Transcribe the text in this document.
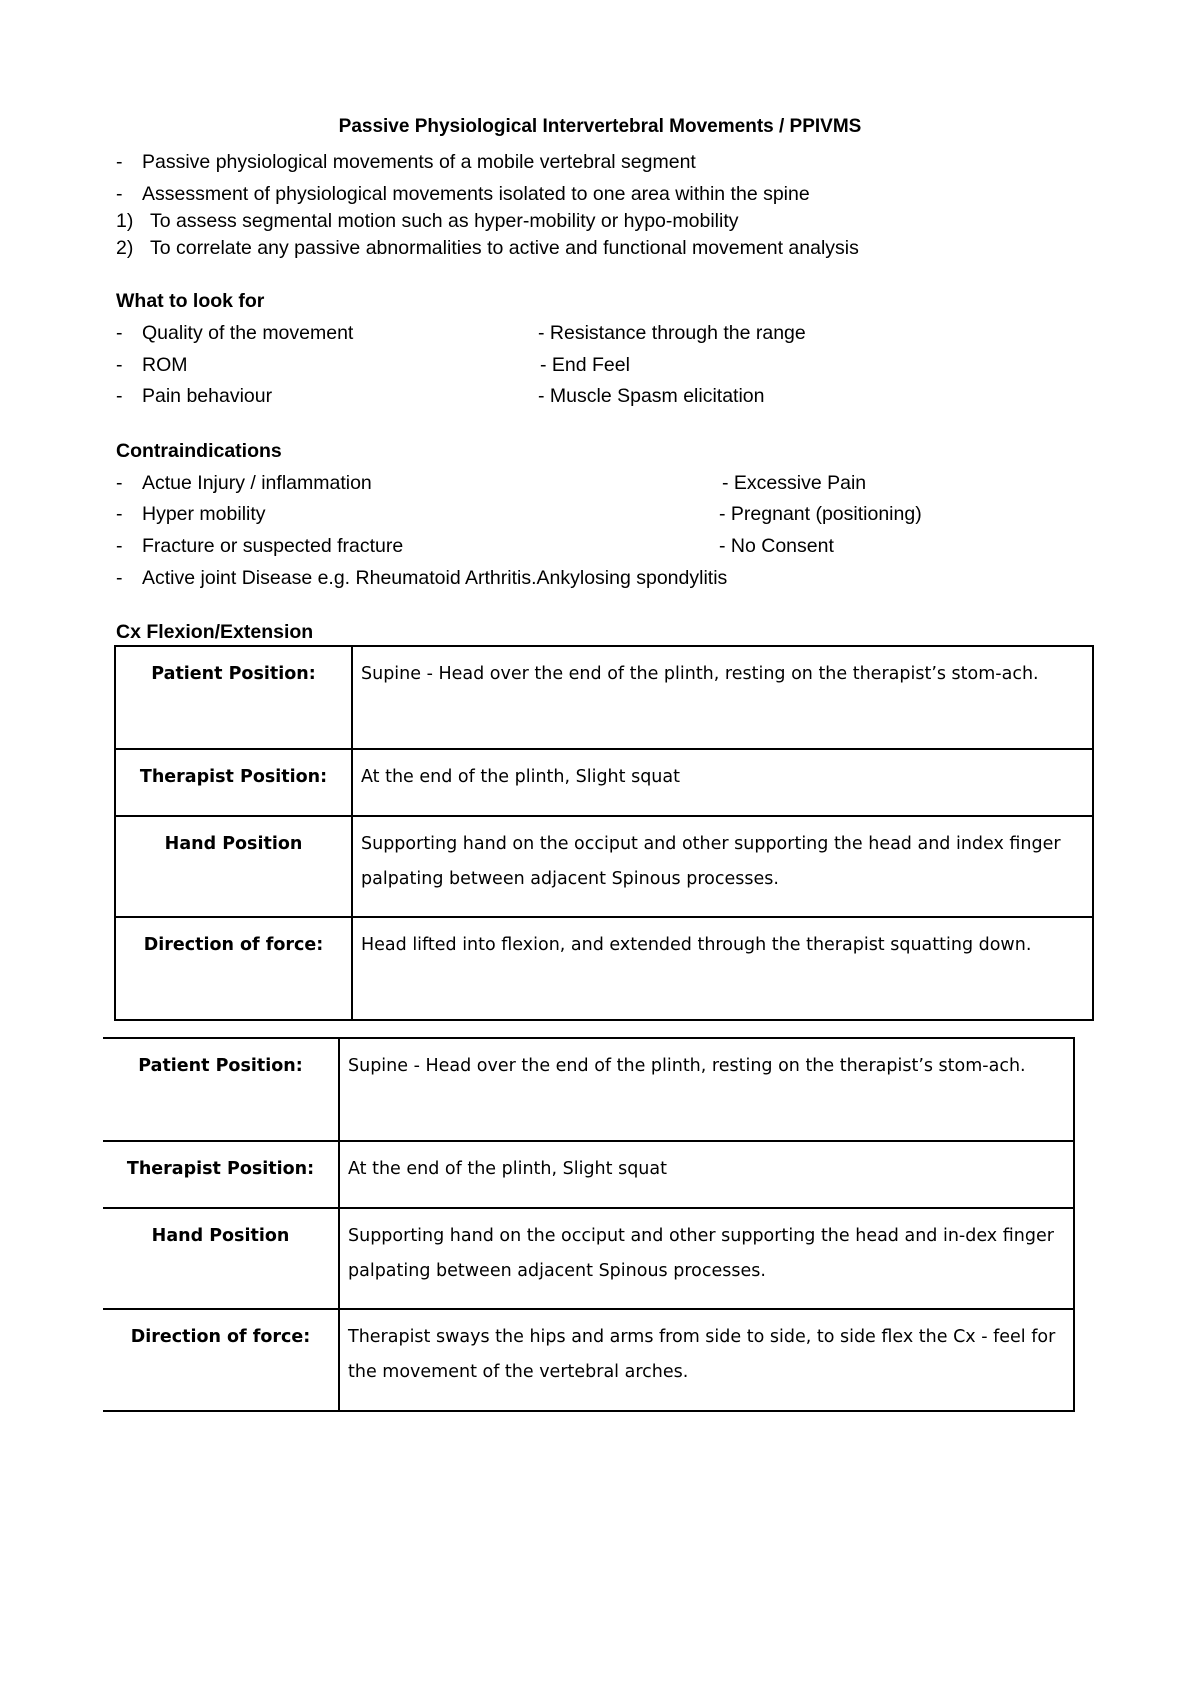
Passive Physiological Intervertebral Movements / PPIVMS
- Passive physiological movements of a mobile vertebral segment
- Assessment of physiological movements isolated to one area within the spine
1) To assess segmental motion such as hyper-mobility or hypo-mobility
2) To correlate any passive abnormalities to active and functional movement analysis
What to look for
- Quality of the movement
- ROM
- Pain behaviour
- Resistance through the range
- End Feel
- Muscle Spasm elicitation
Contraindications
- Actue Injury / inflammation
- Hyper mobility
- Fracture or suspected fracture
- Active joint Disease e.g. Rheumatoid Arthritis.Ankylosing spondylitis
- Excessive Pain
- Pregnant (positioning)
- No Consent
Cx Flexion/Extension
Patient Position:	Supine - Head over the end of the plinth, resting on the therapist’s stom-ach.
Therapist Position:	At the end of the plinth, Slight squat
Hand Position	Supporting hand on the occiput and other supporting the head and index finger palpating between adjacent Spinous processes.
Direction of force:	Head lifted into flexion, and extended through the therapist squatting down.
Patient Position:	Supine - Head over the end of the plinth, resting on the therapist’s stom-ach.
Therapist Position:	At the end of the plinth, Slight squat
Hand Position	Supporting hand on the occiput and other supporting the head and in-dex finger palpating between adjacent Spinous processes.
Direction of force:	Therapist sways the hips and arms from side to side, to side flex the Cx - feel for the movement of the vertebral arches.
